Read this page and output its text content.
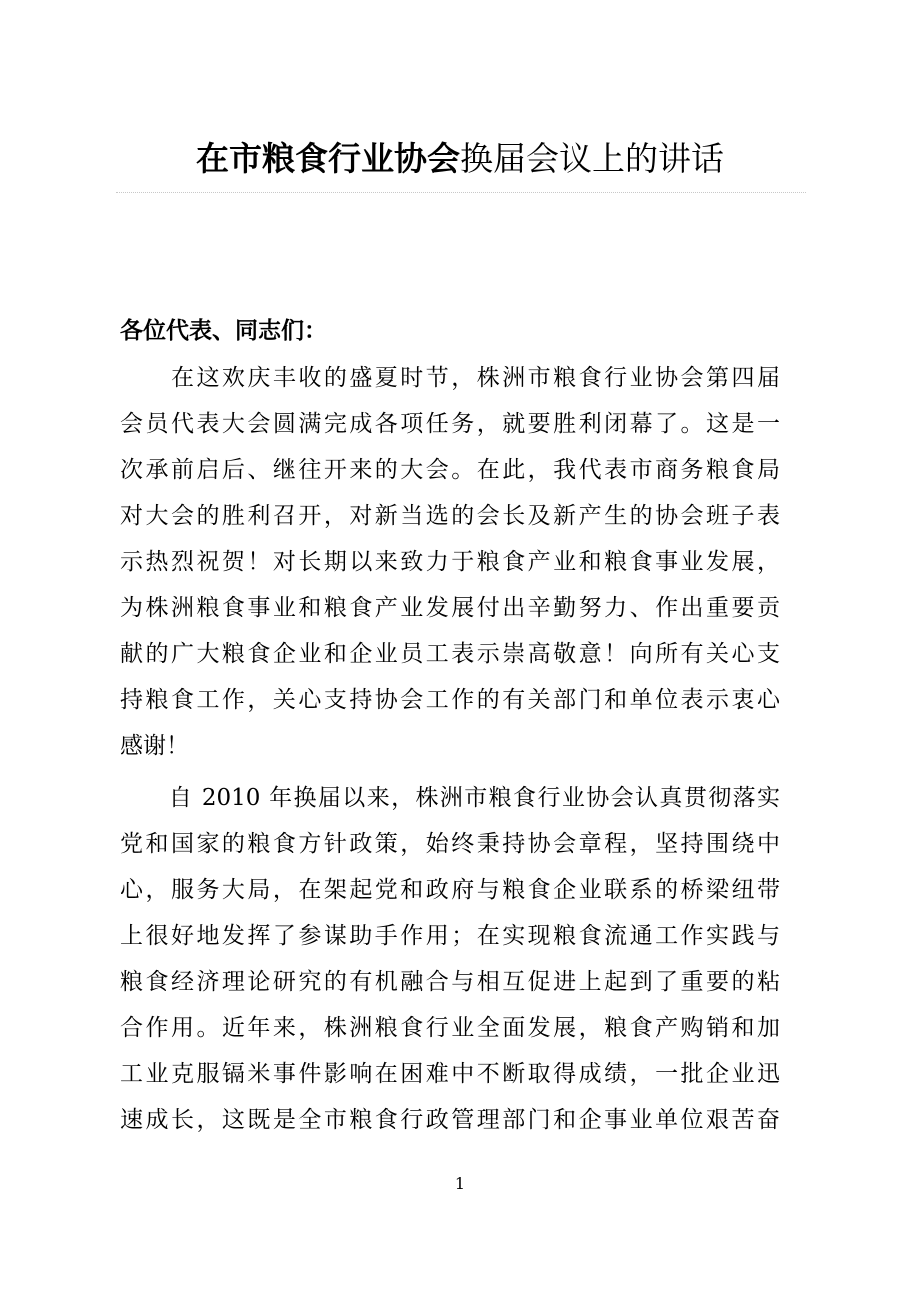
在市粮食行业协会换届会议上的讲话
各位代表、同志们：
　　在这欢庆丰收的盛夏时节，株洲市粮食行业协会第四届
会员代表大会圆满完成各项任务，就要胜利闭幕了。这是一
次承前启后、继往开来的大会。在此，我代表市商务粮食局
对大会的胜利召开，对新当选的会长及新产生的协会班子表
示热烈祝贺！对长期以来致力于粮食产业和粮食事业发展，
为株洲粮食事业和粮食产业发展付出辛勤努力、作出重要贡
献的广大粮食企业和企业员工表示崇高敬意！向所有关心支
持粮食工作，关心支持协会工作的有关部门和单位表示衷心
感谢！
　　自 2010 年换届以来，株洲市粮食行业协会认真贯彻落实
党和国家的粮食方针政策，始终秉持协会章程，坚持围绕中
心，服务大局，在架起党和政府与粮食企业联系的桥梁纽带
上很好地发挥了参谋助手作用；在实现粮食流通工作实践与
粮食经济理论研究的有机融合与相互促进上起到了重要的粘
合作用。近年来，株洲粮食行业全面发展，粮食产购销和加
工业克服镉米事件影响在困难中不断取得成绩，一批企业迅
速成长，这既是全市粮食行政管理部门和企事业单位艰苦奋
1
